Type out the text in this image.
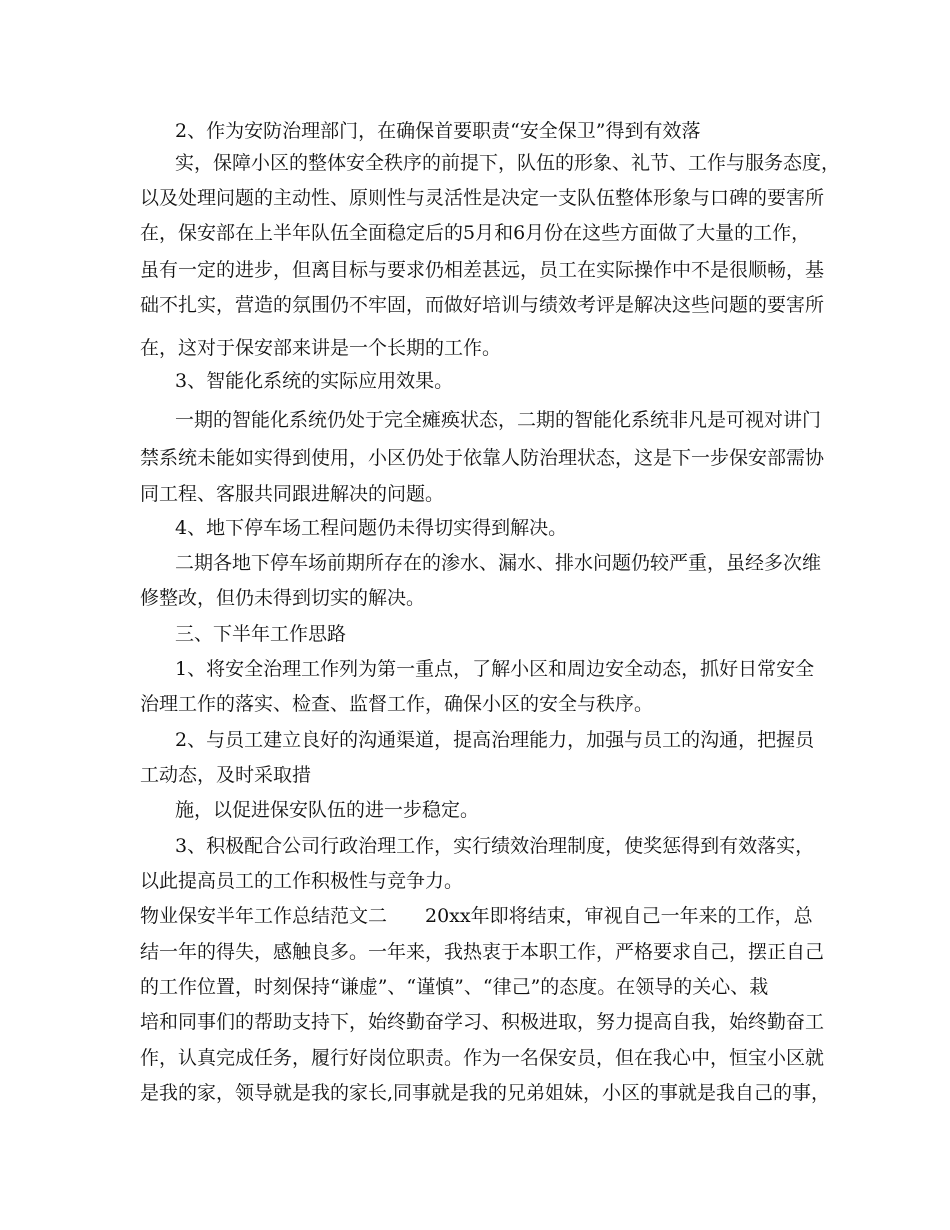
2、作为安防治理部门，在确保首要职责“安全保卫”得到有效落
实，保障小区的整体安全秩序的前提下，队伍的形象、礼节、工作与服务态度，
以及处理问题的主动性、原则性与灵活性是决定一支队伍整体形象与口碑的要害所
在，保安部在上半年队伍全面稳定后的5月和6月份在这些方面做了大量的工作，
虽有一定的进步，但离目标与要求仍相差甚远，员工在实际操作中不是很顺畅，基
础不扎实，营造的氛围仍不牢固，而做好培训与绩效考评是解决这些问题的要害所
在，这对于保安部来讲是一个长期的工作。
3、智能化系统的实际应用效果。
一期的智能化系统仍处于完全瘫痪状态，二期的智能化系统非凡是可视对讲门
禁系统未能如实得到使用，小区仍处于依靠人防治理状态，这是下一步保安部需协
同工程、客服共同跟进解决的问题。
4、地下停车场工程问题仍未得切实得到解决。
二期各地下停车场前期所存在的渗水、漏水、排水问题仍较严重，虽经多次维
修整改，但仍未得到切实的解决。
三、下半年工作思路
1、将安全治理工作列为第一重点，了解小区和周边安全动态，抓好日常安全
治理工作的落实、检查、监督工作，确保小区的安全与秩序。
2、与员工建立良好的沟通渠道，提高治理能力，加强与员工的沟通，把握员
工动态，及时采取措
施，以促进保安队伍的进一步稳定。
3、积极配合公司行政治理工作，实行绩效治理制度，使奖惩得到有效落实，
以此提高员工的工作积极性与竞争力。
物业保安半年工作总结范文二　　20xx年即将结束，审视自己一年来的工作，总
结一年的得失，感触良多。一年来，我热衷于本职工作，严格要求自己，摆正自己
的工作位置，时刻保持“谦虚”、“谨慎”、“律己”的态度。在领导的关心、栽
培和同事们的帮助支持下，始终勤奋学习、积极进取，努力提高自我，始终勤奋工
作，认真完成任务，履行好岗位职责。作为一名保安员，但在我心中，恒宝小区就
是我的家，领导就是我的家长,同事就是我的兄弟姐妹，小区的事就是我自己的事，
